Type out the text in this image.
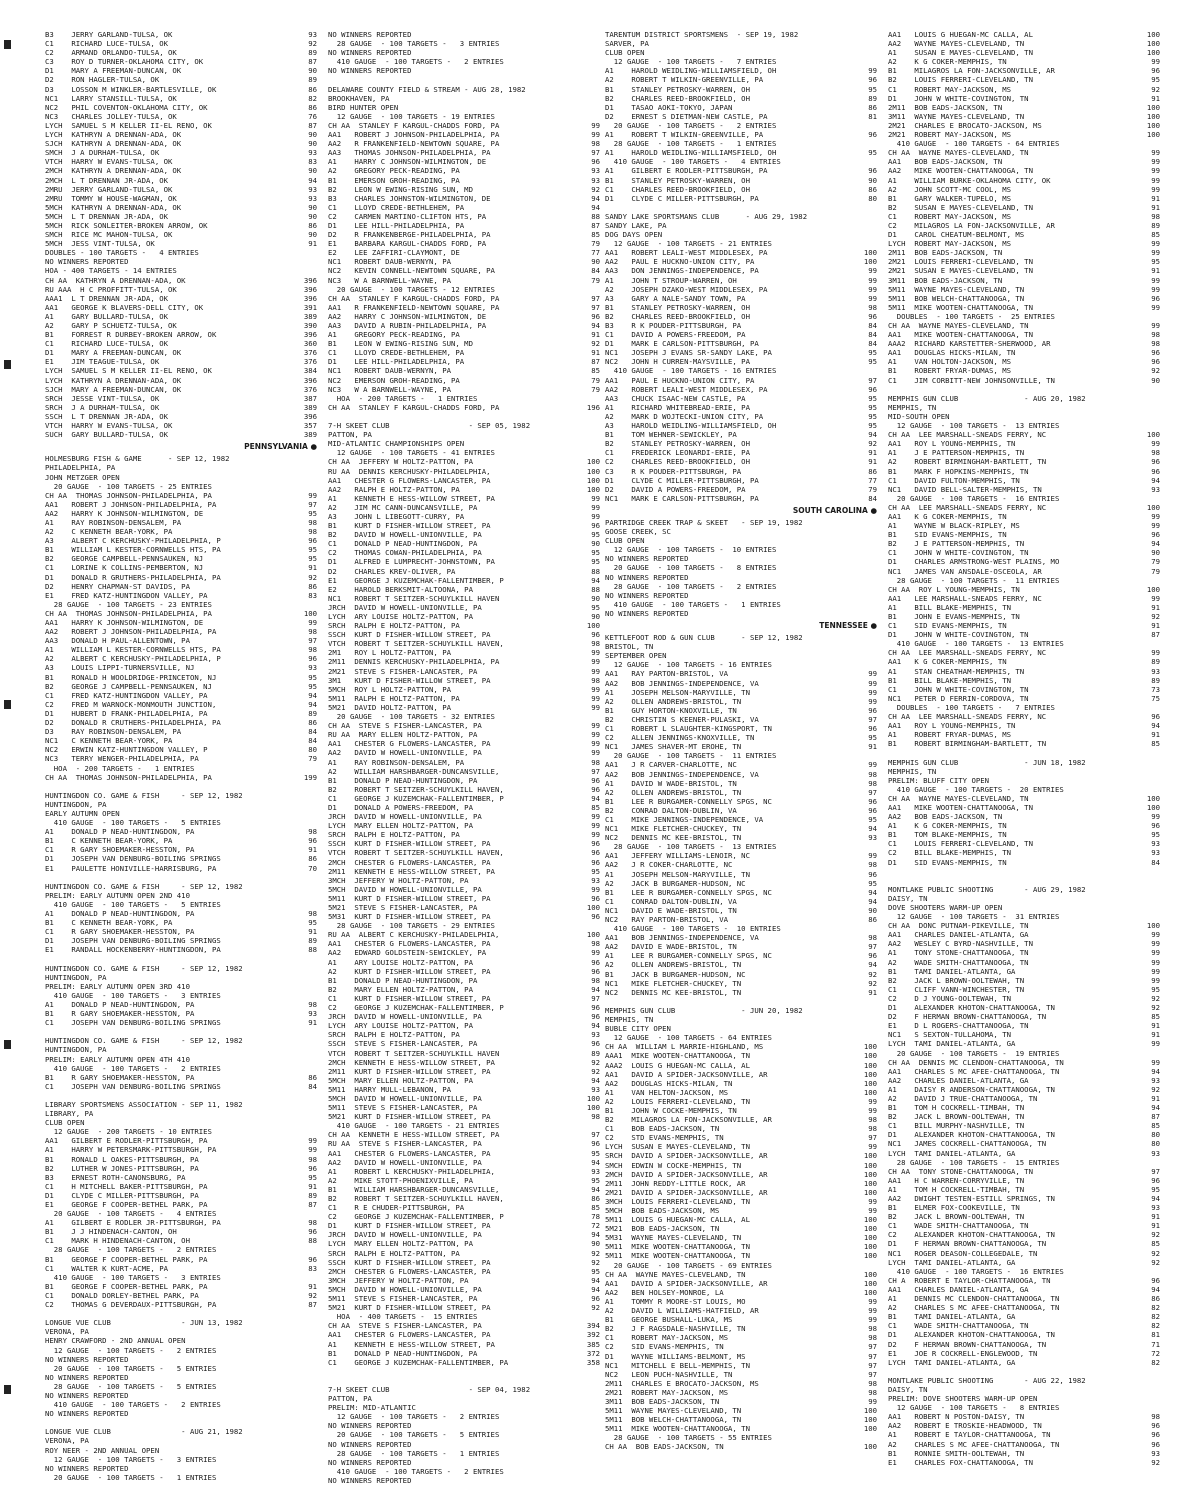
B3    JERRY GARLAND-TULSA, OK	93
C1    RICHARD LUCE-TULSA, OK	92
C2    ARMAND ORLANDO-TULSA, OK	89
C3    ROY D TURNER-OKLAHOMA CITY, OK	87
D1    MARY A FREEMAN-DUNCAN, OK	90
D2    RON HAGLER-TULSA, OK	89
D3    LOSSON M WINKLER-BARTLESVILLE, OK	86
NC1   LARRY STANSILL-TULSA, OK	82
NC2   PHIL COVENTON-OKLAHOMA CITY, OK	86
NC3   CHARLES JOLLEY-TULSA, OK	76
LYCH  SAMUEL S M KELLER II-EL RENO, OK	87
LYCH  KATHRYN A DRENNAN-ADA, OK	90
SJCH  KATHRYN A DRENNAN-ADA, OK	90
SMCH  J A DURHAM-TULSA, OK	93
VTCH  HARRY W EVANS-TULSA, OK	83
2MCH  KATHRYN A DRENNAN-ADA, OK	90
2MCH  L T DRENNAN JR-ADA, OK	94
2MRU  JERRY GARLAND-TULSA, OK	93
2MRU  TOMMY W HOUSE-WAGMAN, OK	93
5MCH  KATHRYN A DRENNAN-ADA, OK	90
5MCH  L T DRENNAN JR-ADA, OK	90
5MCH  RICK SONLEITER-BROKEN ARROW, OK	86
SMCH  RICE MC MAHON-TULSA, OK	90
5MCH  JESS VINT-TULSA, OK	91
DOUBLES - 100 TARGETS -   4 ENTRIES
NO WINNERS REPORTED
HOA - 400 TARGETS - 14 ENTRIES
CH AA  KATHRYN A DRENNAN-ADA, OK	396
RU AAA  H C PROFFITT-TULSA, OK	396
AAA1  L T DRENNAN JR-ADA, OK	396
AA1   GEORGE K BLAVERS-DELL CITY, OK	391
A1    GARY BULLARD-TULSA, OK	389
A2    GARY P SCHUETZ-TULSA, OK	390
B1    FORREST R DURBEY-BROKEN ARROW, OK	396
C1    RICHARD LUCE-TULSA, OK	360
D1    MARY A FREEMAN-DUNCAN, OK	376
E1    JIM TEAGUE-TULSA, OK	376
LYCH  SAMUEL S M KELLER II-EL RENO, OK	384
LYCH  KATHRYN A DRENNAN-ADA, OK	396
SJCH  MARY A FREEMAN-DUNCAN, OK	376
SRCH  JESSE VINT-TULSA, OK	387
SRCH  J A DURHAM-TULSA, OK	389
SSCH  L T DRENNAN JR-ADA, OK	396
VTCH  HARRY W EVANS-TULSA, OK	357
SUCH  GARY BULLARD-TULSA, OK	389
PENNSYLVANIA ●
HOLMESBURG FISH & GAME      - SEP 12, 1982
PHILADELPHIA, PA
JOHN METZGER OPEN
20 GAUGE  - 100 TARGETS - 25 ENTRIES
CH AA  THOMAS JOHNSON-PHILADELPHIA, PA	99
AA1   ROBERT J JOHNSON-PHILADELPHIA, PA	97
AA2   HARRY K JOHNSON-WILMINGTON, DE	95
A1    RAY ROBINSON-DENSALEM, PA	98
A2    C KENNETH BEAR-YORK, PA	98
A3    ALBERT C KERCHUSKY-PHILADELPHIA, P	96
B1    WILLIAM L KESTER-CORNWELLS HTS, PA	95
B2    GEORGE CAMPBELL-PENNSAUKEN, NJ	95
C1    LORINE K COLLINS-PEMBERTON, NJ	91
D1    DONALD R GRUTHERS-PHILADELPHIA, PA	92
D2    HENRY CHAPMAN-ST DAVIDS, PA	86
E1    FRED KATZ-HUNTINGDON VALLEY, PA	83
28 GAUGE  - 100 TARGETS - 23 ENTRIES
CH AA  THOMAS JOHNSON-PHILADELPHIA, PA	100
AA1   HARRY K JOHNSON-WILMINGTON, DE	99
AA2   ROBERT J JOHNSON-PHILADELPHIA, PA	98
AA3   DONALD H PAUL-ALLENTOWN, PA	97
A1    WILLIAM L KESTER-CORNWELLS HTS, PA	98
A2    ALBERT C KERCHUSKY-PHILADELPHIA, P	96
A3    LOUIS LIPPI-TURNERSVILLE, NJ	93
B1    RONALD H WOOLDRIDGE-PRINCETON, NJ	95
B2    GEORGE J CAMPBELL-PENNSAUKEN, NJ	95
C1    FRED KATZ-HUNTINGDON VALLEY, PA	94
C2    FRED M WARNOCK-MONMOUTH JUNCTION,	94
D1    HUBERT D FRANK-PHILADELPHIA, PA	89
D2    DONALD R CRUTHERS-PHILADELPHIA, PA	86
D3    RAY ROBINSON-DENSALEM, PA	84
NC1   C KENNETH BEAR-YORK, PA	84
NC2   ERWIN KATZ-HUNTINGDON VALLEY, P	80
NC3   TERRY WENGER-PHILADELPHIA, PA	79
HOA  - 200 TARGETS -   1 ENTRIES
CH AA  THOMAS JOHNSON-PHILADELPHIA, PA	199
HUNTINGDON CO. GAME & FISH     - SEP 12, 1982
HUNTINGDON, PA
EARLY AUTUMN OPEN
410 GAUGE  - 100 TARGETS -   5 ENTRIES
A1    DONALD P NEAD-HUNTINGDON, PA	98
B1    C KENNETH BEAR-YORK, PA	96
C1    R GARY SHOEMAKER-HESSTON, PA	91
D1    JOSEPH VAN DENBURG-BOILING SPRINGS	86
E1    PAULETTE HONIVILLE-HARRISBURG, PA	70
HUNTINGDON CO. GAME & FISH     - SEP 12, 1982
PRELIM: EARLY AUTUMN OPEN 2ND 410
410 GAUGE  - 100 TARGETS -   5 ENTRIES
A1    DONALD P NEAD-HUNTINGDON, PA	98
B1    C KENNETH BEAR-YORK, PA	95
C1    R GARY SHOEMAKER-HESSTON, PA	91
D1    JOSEPH VAN DENBURG-BOILING SPRINGS	89
E1    RANDALL HOCKENBERRY-HUNTINGDON, PA	88
HUNTINGDON CO. GAME & FISH     - SEP 12, 1982
HUNTINGDON, PA
PRELIM: EARLY AUTUMN OPEN 3RD 410
410 GAUGE  - 100 TARGETS -   3 ENTRIES
A1    DONALD P NEAD-HUNTINGDON, PA	98
B1    R GARY SHOEMAKER-HESSTON, PA	93
C1    JOSEPH VAN DENBURG-BOILING SPRINGS	91
HUNTINGDON CO. GAME & FISH     - SEP 12, 1982
HUNTINGDON, PA
PRELIM: EARLY AUTUMN OPEN 4TH 410
410 GAUGE  - 100 TARGETS -   2 ENTRIES
B1    R GARY SHOEMAKER-HESSTON, PA	86
C1    JOSEPH VAN DENBURG-BOILING SPRINGS	84
LIBRARY SPORTSMENS ASSOCIATION - SEP 11, 1982
LIBRARY, PA
CLUB OPEN
12 GAUGE  - 200 TARGETS - 10 ENTRIES
AA1   GILBERT E RODLER-PITTSBURGH, PA	99
A1    HARRY W PETERSMARK-PITTSBURGH, PA	99
B1    RONALD L OAKES-PITTSBURGH, PA	98
B2    LUTHER W JONES-PITTSBURGH, PA	96
B3    ERNEST ROTH-CANONSBURG, PA	95
C1    H MITCHELL BAKER-PITTSBURGH, PA	91
D1    CLYDE C MILLER-PITTSBURGH, PA	89
E1    GEORGE F COOPER-BETHEL PARK, PA	87
20 GAUGE  - 100 TARGETS -   4 ENTRIES
A1    GILBERT E RODLER JR-PITTSBURGH, PA	98
B1    J J HINDENACH-CANTON, OH	96
C1    MARK H HINDENACH-CANTON, OH	88
28 GAUGE  - 100 TARGETS -   2 ENTRIES
B1    GEORGE F COOPER-BETHEL PARK, PA	96
C1    WALTER K KURT-ACME, PA	83
410 GAUGE  - 100 TARGETS -   3 ENTRIES
B1    GEORGE F COOPER-BETHEL PARK, PA	91
C1    DONALD DORLEY-BETHEL PARK, PA	92
C2    THOMAS G DEVERDAUX-PITTSBURGH, PA	87
LONGUE VUE CLUB                - JUN 13, 1982
VERONA, PA
HENRY CRAWFORD - 2ND ANNUAL OPEN
12 GAUGE  - 100 TARGETS -   2 ENTRIES
NO WINNERS REPORTED
20 GAUGE  - 100 TARGETS -   5 ENTRIES
NO WINNERS REPORTED
28 GAUGE  - 100 TARGETS -   5 ENTRIES
NO WINNERS REPORTED
410 GAUGE  - 100 TARGETS -   2 ENTRIES
NO WINNERS REPORTED
LONGUE VUE CLUB                - AUG 21, 1982
VERONA, PA
ROY NEER - 2ND ANNUAL OPEN
12 GAUGE  - 100 TARGETS -   3 ENTRIES
NO WINNERS REPORTED
20 GAUGE  - 100 TARGETS -   1 ENTRIES
NO WINNERS REPORTED
28 GAUGE  - 100 TARGETS -   3 ENTRIES
NO WINNERS REPORTED
410 GAUGE  - 100 TARGETS -   2 ENTRIES
NO WINNERS REPORTED
DELAWARE COUNTY FIELD & STREAM - AUG 28, 1982
BROOKHAVEN, PA
BIRD HUNTER OPEN
12 GAUGE  - 100 TARGETS - 19 ENTRIES
CH AA  STANLEY F KARGUL-CHADDS FORD, PA	99
AA1   ROBERT J JOHNSON-PHILADELPHIA, PA	99
AA2   R FRANKENFIELD-NEWTOWN SQUARE, PA	98
AA3   THOMAS JOHNSON-PHILADELPHIA, PA	97
A1    HARRY C JOHNSON-WILMINGTON, DE	96
A2    GREGORY PECK-READING, PA	93
B1    EMERSON GROH-READING, PA	93
B2    LEON W EWING-RISING SUN, MD	92
B3    CHARLES JOHNSTON-WILMINGTON, DE	94
C1    LLOYD CREDE-BETHLEHEM, PA	94
C2    CARMEN MARTINO-CLIFTON HTS, PA	88
D1    LEE HILL-PHILADELPHIA, PA	87
D2    R FRANKENBERGE-PHILADELPHIA, PA	85
E1    BARBARA KARGUL-CHADDS FORD, PA	79
E2    LEE ZAFFIRI-CLAYMONT, DE	77
NC1   ROBERT DAUB-WERNYN, PA	90
NC2   KEVIN CONNELL-NEWTOWN SQUARE, PA	84
NC3   W A BARNWELL-WAYNE, PA	79
20 GAUGE  - 100 TARGETS - 12 ENTRIES
CH AA  STANLEY F KARGUL-CHADDS FORD, PA	97
AA1   R FRANKENFIELD-NEWTOWN SQUARE, PA	97
AA2   HARRY C JOHNSON-WILMINGTON, DE	96
AA3   DAVID A RUBIN-PHILADELPHIA, PA	94
A1    GREGORY PECK-READING, PA	91
B1    LEON W EWING-RISING SUN, MD	92
C1    LLOYD CREDE-BETHLEHEM, PA	91
D1    LEE HILL-PHILADELPHIA, PA	87
NC1   ROBERT DAUB-WERNYN, PA	85
NC2   EMERSON GROH-READING, PA	79
NC3   W A BARNWELL-WAYNE, PA	79
HOA  - 200 TARGETS -   1 ENTRIES
CH AA  STANLEY F KARGUL-CHADDS FORD, PA	196
7-H SKEET CLUB                  - SEP 05, 1982
PATTON, PA
MID-ATLANTIC CHAMPIONSHIPS OPEN
12 GAUGE  - 100 TARGETS - 41 ENTRIES
CH AA  JEFFERY W HOLTZ-PATTON, PA	100
RU AA  DENNIS KERCHUSKY-PHILADELPHIA,	100
AA1   CHESTER G FLOWERS-LANCASTER, PA	100
AA2   RALPH E HOLTZ-PATTON, PA	100
A1    KENNETH E HESS-WILLOW STREET, PA	99
A2    JIM MC CANN-DUNCANSVILLE, PA	99
A3    JOHN L LIBEGOTT-CURRY, PA	99
B1    KURT D FISHER-WILLOW STREET, PA	96
B2    DAVID W HOWELL-UNIONVILLE, PA	95
C1    DONALD P NEAD-HUNTINGDON, PA	90
C2    THOMAS COWAN-PHILADELPHIA, PA	95
D1    ALFRED E LUMPRECHT-JOHNSTOWN, PA	95
D2    CHARLES KREV-OLIVER, PA	88
E1    GEORGE J KUZEMCHAK-FALLENTIMBER, P	94
E2    HAROLD BERKSMIT-ALTOONA, PA	88
NC1   ROBERT T SEITZER-SCHUYLKILL HAVEN	90
JRCH  DAVID W HOWELL-UNIONVILLE, PA	95
LYCH  ARY LOUISE HOLTZ-PATTON, PA	90
SRCH  RALPH E HOLTZ-PATTON, PA	100
SSCH  KURT D FISHER-WILLOW STREET, PA	96
VTCH  ROBERT T SEITZER-SCHUYLKILL HAVEN,	98
2M1   ROY L HOLTZ-PATTON, PA	99
2M11  DENNIS KERCHUSKY-PHILADELPHIA, PA	99
2M21  STEVE S FISHER-LANCASTER, PA	99
3M1   KURT D FISHER-WILLOW STREET, PA	98
5MCH  ROY L HOLTZ-PATTON, PA	99
5M11  RALPH E HOLTZ-PATTON, PA	99
5M21  DAVID HOLTZ-PATTON, PA	99
20 GAUGE  - 100 TARGETS - 32 ENTRIES
CH AA  STEVE S FISHER-LANCASTER, PA	99
RU AA  MARY ELLEN HOLTZ-PATTON, PA	99
AA1   CHESTER G FLOWERS-LANCASTER, PA	99
AA2   DAVID W HOWELL-UNIONVILLE, PA	99
A1    RAY ROBINSON-DENSALEM, PA	98
A2    WILLIAM HARSHBARGER-DUNCANSVILLE,	97
B1    DONALD P NEAD-HUNTINGDON, PA	96
B2    ROBERT T SEITZER-SCHUYLKILL HAVEN,	96
C1    GEORGE J KUZEMCHAK-FALLENTIMBER, P	94
D1    DONALD A POWERS-FREEDOM, PA	85
JRCH  DAVID W HOWELL-UNIONVILLE, PA	99
LYCH  MARY ELLEN HOLTZ-PATTON, PA	99
SRCH  RALPH E HOLTZ-PATTON, PA	99
SSCH  KURT D FISHER-WILLOW STREET, PA	96
VTCH  ROBERT T SEITZER-SCHUYLKILL HAVEN,	96
2MCH  CHESTER G FLOWERS-LANCASTER, PA	96
2M11  KENNETH E HESS-WILLOW STREET, PA	95
3MCH  JEFFERY W HOLTZ-PATTON, PA	93
5MCH  DAVID W HOWELL-UNIONVILLE, PA	99
5M11  KURT D FISHER-WILLOW STREET, PA	96
5M21  STEVE S FISHER-LANCASTER, PA	100
5M31  KURT D FISHER-WILLOW STREET, PA	96
28 GAUGE  - 100 TARGETS - 29 ENTRIES
RU AA  ALBERT C KERCHUSKY-PHILADELPHIA,	100
AA1   CHESTER G FLOWERS-LANCASTER, PA	98
AA2   EDWARD GOLDSTEIN-SEWICKLEY, PA	99
A1    ARY LOUISE HOLTZ-PATTON, PA	96
A2    KURT D FISHER-WILLOW STREET, PA	96
B1    DONALD P NEAD-HUNTINGDON, PA	98
B2    MARY ELLEN HOLTZ-PATTON, PA	94
C1    KURT D FISHER-WILLOW STREET, PA	97
C2    GEORGE J KUZEMCHAK-FALLENTIMBER, P	96
JRCH  DAVID W HOWELL-UNIONVILLE, PA	96
LYCH  ARY LOUISE HOLTZ-PATTON, PA	94
SRCH  RALPH E HOLTZ-PATTON, PA	93
SSCH  STEVE S FISHER-LANCASTER, PA	96
VTCH  ROBERT T SEITZER-SCHUYLKILL HAVEN	89
2MCH  KENNETH E HESS-WILLOW STREET, PA	92
2M11  KURT D FISHER-WILLOW STREET, PA	92
5MCH  MARY ELLEN HOLTZ-PATTON, PA	94
5M11  HARRY MULL-LEBANON, PA	93
5MCH  DAVID W HOWELL-UNIONVILLE, PA	100
5M11  STEVE S FISHER-LANCASTER, PA	100
5M21  KURT D FISHER-WILLOW STREET, PA	98
410 GAUGE  - 100 TARGETS - 21 ENTRIES
CH AA  KENNETH E HESS-WILLOW STREET, PA	97
RU AA  STEVE S FISHER-LANCASTER, PA	96
AA1   CHESTER G FLOWERS-LANCASTER, PA	95
AA2   DAVID W HOWELL-UNIONVILLE, PA	94
A1    ROBERT L KERCHUSKY-PHILADELPHIA,	93
A2    MIKE STOTT-PHOENIXVILLE, PA	95
B1    WILLIAM HARSHBARGER-DUNCANSVILLE,	94
B2    ROBERT T SEITZER-SCHUYLKILL HAVEN,	86
C1    R E CHUDER-PITTSBURGH, PA	85
C2    GEORGE J KUZEMCHAK-FALLENTIMBER, P	78
D1    KURT D FISHER-WILLOW STREET, PA	72
JRCH  DAVID W HOWELL-UNIONVILLE, PA	94
LYCH  MARY ELLEN HOLTZ-PATTON, PA	90
SRCH  RALPH E HOLTZ-PATTON, PA	92
SSCH  KURT D FISHER-WILLOW STREET, PA	92
2MCH  CHESTER G FLOWERS-LANCASTER, PA	95
3MCH  JEFFERY W HOLTZ-PATTON, PA	94
5MCH  DAVID W HOWELL-UNIONVILLE, PA	94
5M11  STEVE S FISHER-LANCASTER, PA	96
5M21  KURT D FISHER-WILLOW STREET, PA	92
HOA  - 400 TARGETS -  15 ENTRIES
CH AA  STEVE S FISHER-LANCASTER, PA	394
AA1   CHESTER G FLOWERS-LANCASTER, PA	392
A1    KENNETH E HESS-WILLOW STREET, PA	385
B1    DONALD P NEAD-HUNTINGDON, PA	372
C1    GEORGE J KUZEMCHAK-FALLENTIMBER, PA	358
7-H SKEET CLUB                  - SEP 04, 1982
PATTON, PA
PRELIM: MID-ATLANTIC
12 GAUGE  - 100 TARGETS -   2 ENTRIES
NO WINNERS REPORTED
20 GAUGE  - 100 TARGETS -   5 ENTRIES
NO WINNERS REPORTED
28 GAUGE  - 100 TARGETS -   1 ENTRIES
NO WINNERS REPORTED
410 GAUGE  - 100 TARGETS -   2 ENTRIES
NO WINNERS REPORTED
TARENTUM DISTRICT SPORTSMENS  - SEP 19, 1982
SARVER, PA
CLUB OPEN
12 GAUGE  - 100 TARGETS -   7 ENTRIES
A1    HAROLD WEIDLING-WILLIAMSFIELD, OH	99
A2    ROBERT T WILKIN-GREENVILLE, PA	96
B1    STANLEY PETROSKY-WARREN, OH	95
B2    CHARLES REED-BROOKFIELD, OH	89
D1    TASAO AOKI-TOKYO, JAPAN	86
D2    ERNEST S DIETMAN-NEW CASTLE, PA	81
20 GAUGE  - 100 TARGETS -   2 ENTRIES
A1    ROBERT T WILKIN-GREENVILLE, PA	96
28 GAUGE  - 100 TARGETS -   1 ENTRIES
A1    HAROLD WEIDLING-WILLIAMSFIELD, OH	95
410 GAUGE  - 100 TARGETS -   4 ENTRIES
A1    GILBERT E RODLER-PITTSBURGH, PA	96
B1    STANLEY PETROSKY-WARREN, OH	90
C1    CHARLES REED-BROOKFIELD, OH	86
D1    CLYDE C MILLER-PITTSBURGH, PA	80
SANDY LAKE SPORTSMANS CLUB      - AUG 29, 1982
SANDY LAKE, PA
DOG DAYS OPEN
12 GAUGE  - 100 TARGETS - 21 ENTRIES
AA1   ROBERT LEALI-WEST MIDDLESEX, PA	100
AA2   PAUL E HUCKNO-UNION CITY, PA	100
AA3   DON JENNINGS-INDEPENDENCE, PA	99
A1    JOHN T STROUP-WARREN, OH	99
A2    JOSEPH DZAKO-WEST MIDDLESEX, PA	99
A3    GARY A NALE-SANDY TOWN, PA	99
B1    STANLEY PETROSKY-WARREN, OH	98
B2    CHARLES REED-BROOKFIELD, OH	96
B3    R K POUDER-PITTSBURGH, PA	84
C1    DAVID A POWERS-FREEDOM, PA	84
D1    MARK E CARLSON-PITTSBURGH, PA	84
NC1   JOSEPH J EVANS SR-SANDY LAKE, PA	95
NC2   JOHN H CURREN-MAYSVILLE, PA	95
410 GAUGE  - 100 TARGETS - 16 ENTRIES
AA1   PAUL E HUCKNO-UNION CITY, PA	97
AA2   ROBERT LEALI-WEST MIDDLESEX, PA	96
AA3   CHUCK ISAAC-NEW CASTLE, PA	95
A1    RICHARD WHITEBREAD-ERIE, PA	95
A2    MARK D WOJTECKI-UNION CITY, PA	95
A3    HAROLD WEIDLING-WILLIAMSFIELD, OH	95
B1    TOM WEHNER-SEWICKLEY, PA	94
B2    STANLEY PETROSKY-WARREN, OH	92
C1    FREDERICK LEONARDI-ERIE, PA	91
C2    CHARLES REED-BROOKFIELD, OH	91
C3    R K POUDER-PITTSBURGH, PA	86
D1    CLYDE C MILLER-PITTSBURGH, PA	77
D2    DAVID A POWERS-FREEDOM, PA	79
NC1   MARK E CARLSON-PITTSBURGH, PA	84
SOUTH CAROLINA ●
PARTRIDGE CREEK TRAP & SKEET   - SEP 19, 1982
GOOSE CREEK, SC
CLUB OPEN
12 GAUGE  - 100 TARGETS -  10 ENTRIES
NO WINNERS REPORTED
20 GAUGE  - 100 TARGETS -   8 ENTRIES
NO WINNERS REPORTED
28 GAUGE  - 100 TARGETS -   2 ENTRIES
NO WINNERS REPORTED
410 GAUGE  - 100 TARGETS -   1 ENTRIES
NO WINNERS REPORTED
TENNESSEE ●
KETTLEFOOT ROD & GUN CLUB      - SEP 12, 1982
BRISTOL, TN
SEPTEMBER OPEN
12 GAUGE  - 100 TARGETS - 16 ENTRIES
AA1   RAY PARTON-BRISTOL, VA	99
AA2   BOB JENNINGS-INDEPENDENCE, VA	99
A1    JOSEPH MELSON-MARYVILLE, TN	99
A2    OLLEN ANDREWS-BRISTOL, TN	99
B1    GUY HORTON-KNOXVILLE, TN	96
B2    CHRISTIN S KEENER-PULASKI, VA	97
C1    ROBERT L SLAUGHTER-KINGSPORT, TN	96
C2    ALLEN JENNINGS-KNOXVILLE, TN	95
NC1   JAMES SHAVER-MT EROHE, TN	91
20 GAUGE  - 100 TARGETS -  11 ENTRIES
AA1   J R CARVER-CHARLOTTE, NC	99
AA2   BOB JENNINGS-INDEPENDENCE, VA	98
A1    DAVID W WADE-BRISTOL, TN	98
A2    OLLEN ANDREWS-BRISTOL, TN	97
B1    LEE R BURGAMER-CONNELLY SPGS, NC	96
B2    CONRAD DALTON-DUBLIN, VA	96
C1    MIKE JENNINGS-INDEPENDENCE, VA	95
NC1   MIKE FLETCHER-CHUCKEY, TN	94
NC2   DENNIS MC KEE-BRISTOL, TN	93
28 GAUGE  - 100 TARGETS -  13 ENTRIES
AA1   JEFFERY WILLIAMS-LENOIR, NC	99
AA2   J R COKER-CHARLOTTE, NC	98
A1    JOSEPH MELSON-MARYVILLE, TN	96
A2    JACK B BURGAMER-HUDSON, NC	95
B1    LEE R BURGAMER-CONNELLY SPGS, NC	94
C1    CONRAD DALTON-DUBLIN, VA	94
NC1   DAVID E WADE-BRISTOL, TN	90
NC2   RAY PARTON-BRISTOL, VA	86
410 GAUGE  - 100 TARGETS -  10 ENTRIES
AA1   BOB JENNINGS-INDEPENDENCE, VA	98
AA2   DAVID E WADE-BRISTOL, TN	97
A1    LEE R BURGAMER-CONNELLY SPGS, NC	96
A2    OLLEN ANDREWS-BRISTOL, TN	94
B1    JACK B BURGAMER-HUDSON, NC	92
NC1   MIKE FLETCHER-CHUCKEY, TN	92
NC2   DENNIS MC KEE-BRISTOL, TN	91
MEMPHIS GUN CLUB               - JUN 20, 1982
MEMPHIS, TN
BUBLE CITY OPEN
12 GAUGE  - 100 TARGETS - 64 ENTRIES
CH AA  WILLIAM L MARRIE-HIGHLAND, MS	100
AAA1  MIKE WOOTEN-CHATTANOOGA, TN	100
AAA2  LOUIS G HUEGAN-MC CALLA, AL	100
AA1   DAVID A SPIDER-JACKSONVILLE, AR	100
AA2   DOUGLAS HICKS-MILAN, TN	100
A1    VAN HELTON-JACKSON, MS	100
A2    LOUIS FERRERI-CLEVELAND, TN	99
B1    JOHN W COCKE-MEMPHIS, TN	99
B2    MILAGROS LA FON-JACKSONVILLE, AR	98
C1    BOB EADS-JACKSON, TN	98
C2    STD EVANS-MEMPHIS, TN	97
LYCH  SUSAN E MAYES-CLEVELAND, TN	99
SRCH  DAVID A SPIDER-JACKSONVILLE, AR	100
SMCH  EDWIN W COCKE-MEMPHIS, TN	100
2MCH  DAVID A SPIDER-JACKSONVILLE, AR	100
2M11  JOHN REDDY-LITTLE ROCK, AR	100
2M21  DAVID A SPIDER-JACKSONVILLE, AR	100
3MCH  LOUIS FERRERI-CLEVELAND, TN	99
5MCH  BOB EADS-JACKSON, MS	99
5M11  LOUIS G HUEGAN-MC CALLA, AL	100
5M21  BOB EADS-JACKSON, TN	100
5M31  WAYNE MAYES-CLEVELAND, TN	100
5M11  MIKE WOOTEN-CHATTANOOGA, TN	100
5M11  MIKE WOOTEN-CHATTANOOGA, TN	100
20 GAUGE  - 100 TARGETS - 69 ENTRIES
CH AA  WAYNE MAYES-CLEVELAND, TN	100
AA1   DAVID A SPIDER-JACKSONVILLE, AR	100
AA2   BEN HOLSEY-MONROE, LA	100
A1    TOMMY R MOORE-ST LOUIS, MO	99
A2    DAVID L WILLIAMS-HATFIELD, AR	99
B1    GEORGE BUSHALL-LUKA, MS	99
B2    J F RAGSDALE-NASHVILLE, TN	98
C1    ROBERT MAY-JACKSON, MS	98
C2    SID EVANS-MEMPHIS, TN	97
D1    WAYNE WILLIAMS-BELMONT, MS	97
NC1   MITCHELL E BELL-MEMPHIS, TN	97
NC2   LEON PUCH-NASHVILLE, TN	97
2M11  CHARLES E BROCATO-JACKSON, MS	98
2M21  ROBERT MAY-JACKSON, MS	98
3M11  BOB EADS-JACKSON, TN	99
5M11  WAYNE MAYES-CLEVELAND, TN	100
5M11  BOB WELCH-CHATTANOOGA, TN	100
5M11  MIKE WOOTEN-CHATTANOOGA, TN	100
28 GAUGE  - 100 TARGETS - 55 ENTRIES
CH AA  BOB EADS-JACKSON, TN	100
AA1   LOUIS G HUEGAN-MC CALLA, AL	100
AA2   WAYNE MAYES-CLEVELAND, TN	100
A1    SUSAN E MAYES-CLEVELAND, TN	100
A2    K G COKER-MEMPHIS, TN	99
B1    MILAGROS LA FON-JACKSONVILLE, AR	96
B2    LOUIS FERRERI-CLEVELAND, TN	95
C1    ROBERT MAY-JACKSON, MS	92
D1    JOHN W WHITE-COVINGTON, TN	91
2M11  BOB EADS-JACKSON, TN	100
3M11  WAYNE MAYES-CLEVELAND, TN	100
2M21  CHARLES E BROCATO-JACKSON, MS	100
2M21  ROBERT MAY-JACKSON, MS	100
410 GAUGE  - 100 TARGETS - 64 ENTRIES
CH AA  WAYNE MAYES-CLEVELAND, TN	99
AA1   BOB EADS-JACKSON, TN	99
AA2   MIKE WOOTEN-CHATTANOOGA, TN	99
A1    WILLIAM BURKE-OKLAHOMA CITY, OK	99
A2    JOHN SCOTT-MC COOL, MS	99
B1    GARY WALKER-TUPELO, MS	91
B2    SUSAN E MAYES-CLEVELAND, TN	91
C1    ROBERT MAY-JACKSON, MS	98
C2    MILAGROS LA FON-JACKSONVILLE, AR	89
D1    CAROL CHEATUM-BELMONT, MS	85
LYCH  ROBERT MAY-JACKSON, MS	99
2M11  BOB EADS-JACKSON, TN	99
2M21  LOUIS FERRERI-CLEVELAND, TN	95
2M21  SUSAN E MAYES-CLEVELAND, TN	91
3M11  BOB EADS-JACKSON, TN	99
5M11  WAYNE MAYES-CLEVELAND, TN	99
5M11  BOB WELCH-CHATTANOOGA, TN	96
5M11  MIKE WOOTEN-CHATTANOOGA, TN	99
DOUBLES  - 100 TARGETS -  25 ENTRIES
CH AA  WAYNE MAYES-CLEVELAND, TN	99
AA1   MIKE WOOTEN-CHATTANOOGA, TN	98
AAA2  RICHARD KARSTETTER-SHERWOOD, AR	98
AA1   DOUGLAS HICKS-MILAN, TN	96
A1    VAN HOLTON-JACKSON, MS	96
B1    ROBERT FRYAR-DUMAS, MS	92
C1    JIM CORBITT-NEW JOHNSONVILLE, TN	90
MEMPHIS GUN CLUB               - AUG 20, 1982
MEMPHIS, TN
MID-SOUTH OPEN
12 GAUGE  - 100 TARGETS -  13 ENTRIES
CH AA  LEE MARSHALL-SNEADS FERRY, NC	100
AA1   ROY L YOUNG-MEMPHIS, TN	99
A1    J E PATTERSON-MEMPHIS, TN	98
A2    ROBERT BIRMINGHAM-BARTLETT, TN	96
B1    MARK F HOPKINS-MEMPHIS, TN	96
C1    DAVID FULTON-MEMPHIS, TN	94
NC1   DAVID BELL-SALTER-MEMPHIS, TN	93
20 GAUGE  - 100 TARGETS -  16 ENTRIES
CH AA  LEE MARSHALL-SNEADS FERRY, NC	100
AA1   K G COKER-MEMPHIS, TN	99
A1    WAYNE W BLACK-RIPLEY, MS	99
B1    SID EVANS-MEMPHIS, TN	96
B2    J E PATTERSON-MEMPHIS, TN	94
C1    JOHN W WHITE-COVINGTON, TN	90
D1    CHARLES ARMSTRONG-WEST PLAINS, MO	79
NC1   JAMES VAN ANSDALE-OSCEOLA, AR	79
28 GAUGE  - 100 TARGETS -  11 ENTRIES
CH AA  ROY L YOUNG-MEMPHIS, TN	100
AA1   LEE MARSHALL-SNEADS FERRY, NC	99
A1    BILL BLAKE-MEMPHIS, TN	91
B1    JOHN E EVANS-MEMPHIS, TN	92
C1    SID EVANS-MEMPHIS, TN	91
D1    JOHN W WHITE-COVINGTON, TN	87
410 GAUGE  - 100 TARGETS -  13 ENTRIES
CH AA  LEE MARSHALL-SNEADS FERRY, NC	99
AA1   K G COKER-MEMPHIS, TN	89
A1    STAN CHEATHAM-MEMPHIS, TN	93
B1    BILL BLAKE-MEMPHIS, TN	89
C1    JOHN W WHITE-COVINGTON, TN	73
NC1   PETER D FERRIN-CORDOVA, TN	75
DOUBLES  - 100 TARGETS -   7 ENTRIES
CH AA  LEE MARSHALL-SNEADS FERRY, NC	96
AA1   ROY L YOUNG-MEMPHIS, TN	94
A1    ROBERT FRYAR-DUMAS, MS	91
B1    ROBERT BIRMINGHAM-BARTLETT, TN	85
MEMPHIS GUN CLUB               - JUN 18, 1982
MEMPHIS, TN
PRELIM: BLUFF CITY OPEN
410 GAUGE  - 100 TARGETS -  20 ENTRIES
CH AA  WAYNE MAYES-CLEVELAND, TN	100
AA1   MIKE WOOTEN-CHATTANOOGA, TN	100
AA2   BOB EADS-JACKSON, TN	99
A1    K G COKER-MEMPHIS, TN	96
B1    TOM BLAKE-MEMPHIS, TN	95
C1    LOUIS FERRERI-CLEVELAND, TN	93
C2    BILL BLAKE-MEMPHIS, TN	93
D1    SID EVANS-MEMPHIS, TN	84
MONTLAKE PUBLIC SHOOTING       - AUG 29, 1982
DAISY, TN
DOVE SHOOTERS WARM-UP OPEN
12 GAUGE  - 100 TARGETS -  31 ENTRIES
CH AA  DONC PUTNAM-PIKEVILLE, TN	100
AA1   CHARLES DANIEL-ATLANTA, GA	99
AA2   WESLEY C BYRD-NASHVILLE, TN	99
A1    TONY STONE-CHATTANOOGA, TN	99
A2    WADE SMITH-CHATTANOOGA, TN	99
B1    TAMI DANIEL-ATLANTA, GA	99
B2    JACK L BROWN-OOLTEWAH, TN	99
C1    CLIFF VANN-WINCHESTER, TN	95
C2    D J YOUNG-OOLTEWAH, TN	92
D1    ALEXANDER KHOTON-CHATTANOOGA, TN	92
D2    F HERMAN BROWN-CHATTANOOGA, TN	85
E1    D L ROGERS-CHATTANOOGA, TN	91
NC1   S SEXTON-TULLAHOMA, TN	91
LYCH  TAMI DANIEL-ATLANTA, GA	99
20 GAUGE  - 100 TARGETS -  19 ENTRIES
CH AA  DENNIS MC CLENDON-CHATTANOOGA, TN	99
AA1   CHARLES S MC AFEE-CHATTANOOGA, TN	94
AA2   CHARLES DANIEL-ATLANTA, GA	93
A1    DAISY R ANDERSON-CHATTANOOGA, TN	92
A2    DAVID J TRUE-CHATTANOOGA, TN	91
B1    TOM H COCKRELL-TIMBAH, TN	94
B2    JACK L BROWN-OOLTEWAH, TN	87
C1    BILL MURPHY-NASHVILLE, TN	85
D1    ALEXANDER KHOTON-CHATTANOOGA, TN	80
NC1   JAMES COCKRELL-CHATTANOOGA, TN	80
LYCH  TAMI DANIEL-ATLANTA, GA	93
28 GAUGE  - 100 TARGETS -  15 ENTRIES
CH AA  TONY STONE-CHATTANOOGA, TN	97
AA1   H C WARREN-CORRYVILLE, TN	96
A1    TOM H COCKRELL-TIMBAH, TN	95
AA2   DWIGHT TESTEN-ESTILL SPRINGS, TN	94
B1    ELMER FOX-COOKEVILLE, TN	93
B2    JACK L BROWN-OOLTEWAH, TN	91
C1    WADE SMITH-CHATTANOOGA, TN	91
C2    ALEXANDER KHOTON-CHATTANOOGA, TN	92
D1    F HERMAN BROWN-CHATTANOOGA, TN	85
NC1   ROGER DEASON-COLLEGEDALE, TN	92
LYCH  TAMI DANIEL-ATLANTA, GA	92
410 GAUGE  - 100 TARGETS -  16 ENTRIES
CH A  ROBERT E TAYLOR-CHATTANOOGA, TN	96
AA1   CHARLES DANIEL-ATLANTA, GA	94
A1    DENNIS MC CLENDON-CHATTANOOGA, TN	86
A2    CHARLES S MC AFEE-CHATTANOOGA, TN	82
B1    TAMI DANIEL-ATLANTA, GA	82
C1    WADE SMITH-CHATTANOOGA, TN	82
D1    ALEXANDER KHOTON-CHATTANOOGA, TN	81
D2    F HERMAN BROWN-CHATTANOOGA, TN	71
E1    JOE R COCKRELL-ENGLEWOOD, TN	72
LYCH  TAMI DANIEL-ATLANTA, GA	82
MONTLAKE PUBLIC SHOOTING       - AUG 22, 1982
DAISY, TN
PRELIM: DOVE SHOOTERS WARM-UP OPEN
12 GAUGE  - 100 TARGETS -   8 ENTRIES
AA1   ROBERT N POSTON-DAISY, TN	98
AA2   ROBERT E TROSKIE-HEADWOOD, TN	96
A1    ROBERT E TAYLOR-CHATTANOOGA, TN	96
A2    CHARLES S MC AFEE-CHATTANOOGA, TN	96
B1    RONNIE SMITH-OOLTEWAH, TN	93
E1    CHARLES FOX-CHATTANOOGA, TN	92
